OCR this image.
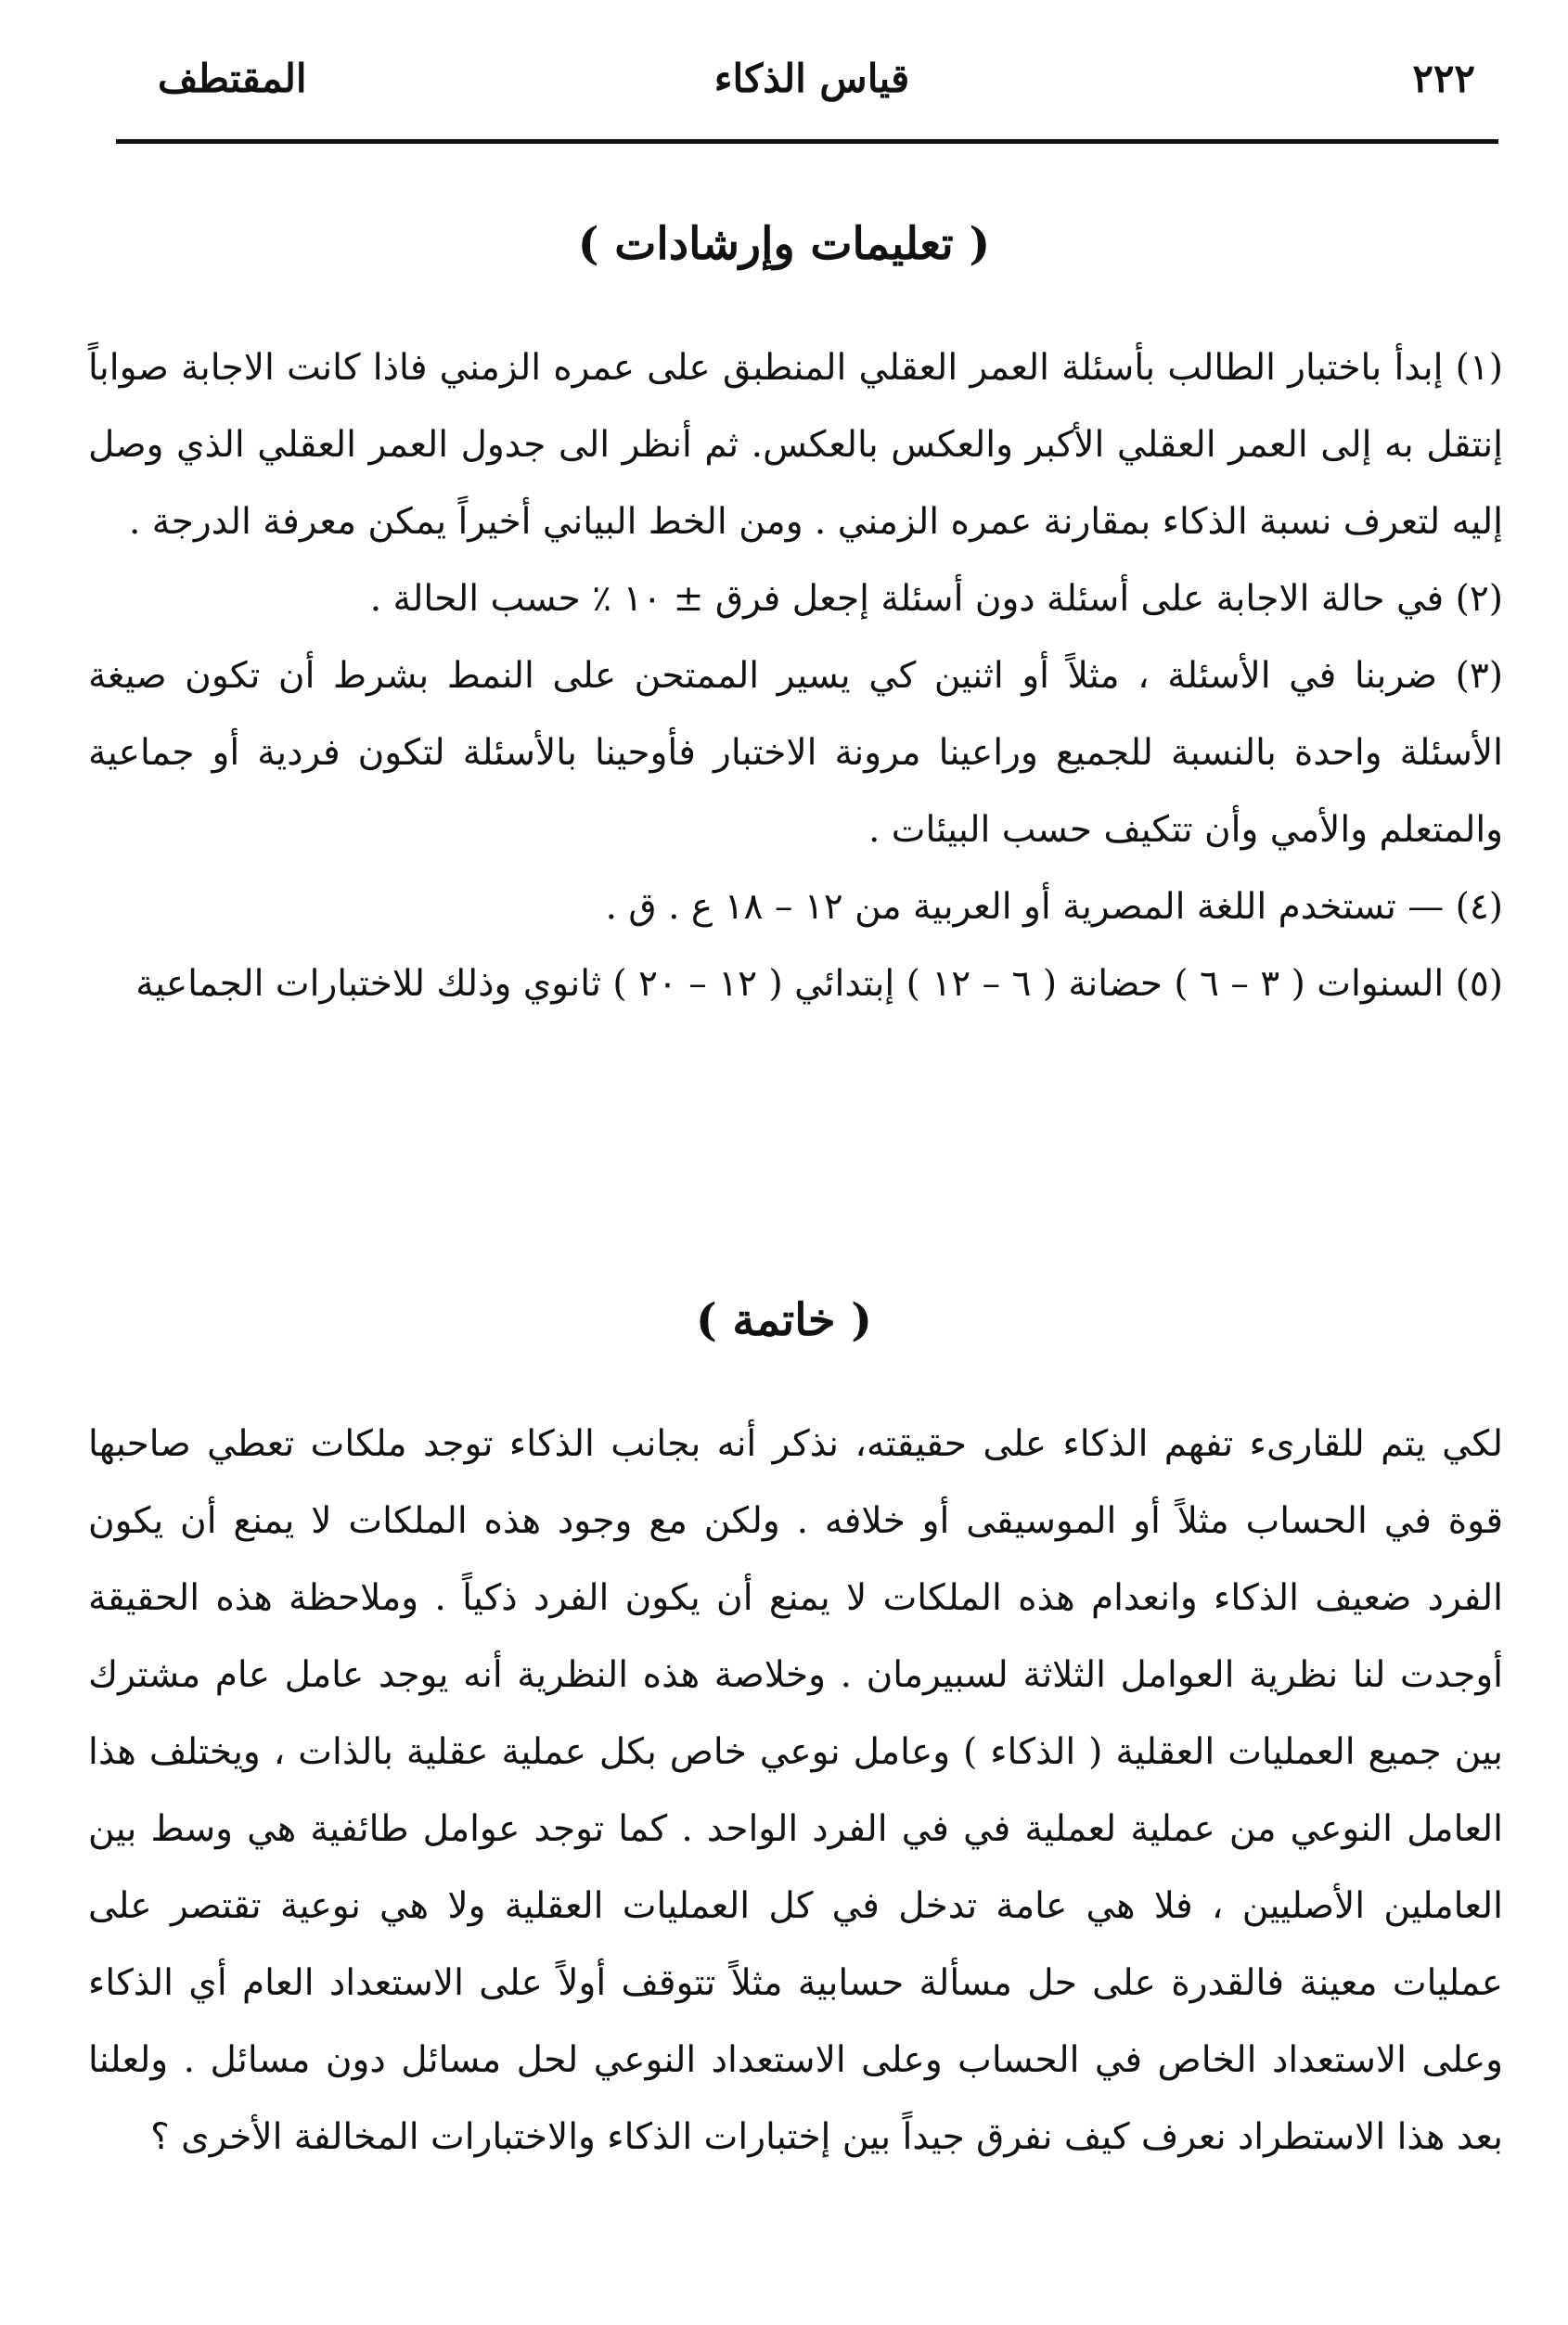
٢٢٢
قياس الذكاء
المقتطف
( تعليمات وإرشادات )

(١) إبدأ باختبار الطالب بأسئلة العمر العقلي المنطبق على عمره الزمني فاذا كانت الاجابة صواباً إنتقل به إلى العمر العقلي الأكبر والعكس بالعكس. ثم أنظر الى جدول العمر العقلي الذي وصل إليه لتعرف نسبة الذكاء بمقارنة عمره الزمني . ومن الخط البياني أخيراً يمكن معرفة الدرجة .

(٢) في حالة الاجابة على أسئلة دون أسئلة إجعل فرق ± ١٠ ٪ حسب الحالة .

(٣) ضربنا في الأسئلة ، مثلاً أو اثنين كي يسير الممتحن على النمط بشرط أن تكون صيغة الأسئلة واحدة بالنسبة للجميع وراعينا مرونة الاختبار فأوحينا بالأسئلة لتكون فردية أو جماعية والمتعلم والأمي وأن تتكيف حسب البيئات .

(٤) — تستخدم اللغة المصرية أو العربية من ١٢ – ١٨ ع . ق .

(٥) السنوات ( ٣ – ٦ ) حضانة ( ٦ – ١٢ ) إبتدائي ( ١٢ – ٢٠ ) ثانوي وذلك للاختبارات الجماعية

( خاتمة )

لكي يتم للقارىء تفهم الذكاء على حقيقته، نذكر أنه بجانب الذكاء توجد ملكات تعطي صاحبها قوة في الحساب مثلاً أو الموسيقى أو خلافه . ولكن مع وجود هذه الملكات لا يمنع أن يكون الفرد ضعيف الذكاء وانعدام هذه الملكات لا يمنع أن يكون الفرد ذكياً . وملاحظة هذه الحقيقة أوجدت لنا نظرية العوامل الثلاثة لسبيرمان . وخلاصة هذه النظرية أنه يوجد عامل عام مشترك بين جميع العمليات العقلية ( الذكاء ) وعامل نوعي خاص بكل عملية عقلية بالذات ، ويختلف هذا العامل النوعي من عملية لعملية في في الفرد الواحد . كما توجد عوامل طائفية هي وسط بين العاملين الأصليين ، فلا هي عامة تدخل في كل العمليات العقلية ولا هي نوعية تقتصر على عمليات معينة فالقدرة على حل مسألة حسابية مثلاً تتوقف أولاً على الاستعداد العام أي الذكاء وعلى الاستعداد الخاص في الحساب وعلى الاستعداد النوعي لحل مسائل دون مسائل . ولعلنا بعد هذا الاستطراد نعرف كيف نفرق جيداً بين إختبارات الذكاء والاختبارات المخالفة الأخرى ؟
